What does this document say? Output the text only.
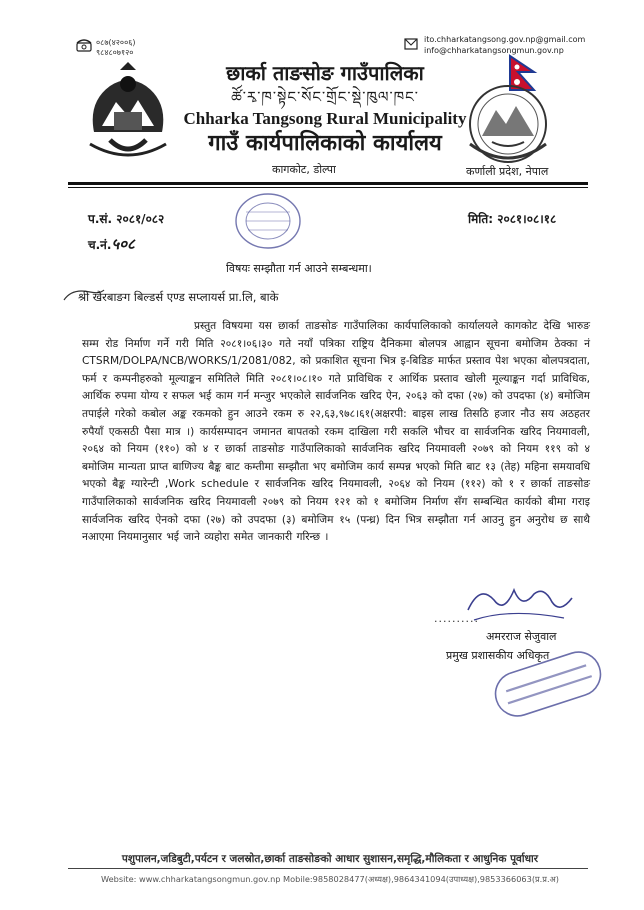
०८७(४२००६)
९८४८०७१२०
ito.chharkatangsong.gov.np@gmail.com
info@chharkatangsongmun.gov.np
छार्का ताङसोङ गाउँपालिका
ཚོ་རྭ་ཁ་སྟེང་སོང་གྲོང་སྡེ་ཁུལ་ཁང་
Chharka Tangsong Rural Municipality
गाउँ कार्यपालिकाको कार्यालय
कागकोट, डोल्पा	कर्णाली प्रदेश, नेपाल
प.सं. २०८१/०८२
च.नं.५०८
मिति: २०८१।०८।१८
विषयः सम्झौता गर्न आउने सम्बन्धमा।
श्री खैरबाङग बिल्डर्स एण्ड सप्लायर्स प्रा.लि, बाके
प्रस्तुत विषयमा यस छार्का ताङसोङ गाउँपालिका कार्यपालिकाको कार्यालयले कागकोट देखि भारुङ सम्म रोड निर्माण गर्ने गरी मिति २०८१।०६।३० गते नयाँ पत्रिका राष्ट्रिय दैनिकमा बोलपत्र आह्वान सूचना बमोजिम ठेक्का नं CTSRM/DOLPA/NCB/WORKS/1/2081/082, को प्रकाशित सूचना भित्र इ-बिडिङ मार्फत प्रस्ताव पेश भएका बोलपत्रदाता, फर्म र कम्पनीहरुको मूल्याङ्कन समितिले मिति २०८१।०८।१० गते प्राविधिक र आर्थिक प्रस्ताव खोली मूल्याङ्कन गर्दा प्राविधिक, आर्थिक रुपमा योग्य र सफल भई काम गर्न मन्जुर भएकोले सार्वजनिक खरिद ऐन, २०६३ को दफा (२७) को उपदफा (४) बमोजिम तपाईले गरेको कबोल अङ्क रकमको हुन आउने रकम रु २२,६३,९७८।६१(अक्षरपी: बाइस लाख तिसठि हजार नौउ सय अठहतर रुपैयाँ एकसठी पैसा मात्र ।) कार्यसम्पादन जमानत बापतको रकम दाखिला गरी सकलि भौचर वा सार्वजनिक खरिद नियमावली, २०६४ को नियम (११०) को ४ र छार्का ताङसोङ गाउँपालिकाको सार्वजनिक खरिद नियमावली २०७९ को नियम ११९ को ४ बमोजिम मान्यता प्राप्त बाणिज्य बैङ्क बाट कम्तीमा सम्झौता भए बमोजिम कार्य सम्पन्न भएको मिति बाट १३ (तेह) महिना समयावधि भएको बैङ्क ग्यारेन्टी ,Work schedule र सार्वजनिक खरिद नियमावली, २०६४ को नियम (११२) को १ र छार्का ताङसोङ गाउँपालिकाको सार्वजनिक खरिद नियमावली २०७९ को नियम १२१ को १ बमोजिम निर्माण सँग सम्बन्धित कार्यको बीमा गराइ सार्वजनिक खरिद ऐनको दफा (२७) को उपदफा (३) बमोजिम १५ (पन्ध्र) दिन भित्र सम्झौता गर्न आउनु हुन अनुरोध छ साथै नआएमा नियमानुसार भई जाने व्यहोरा समेत जानकारी गरिन्छ ।
..........
अमरराज सेजुवाल
प्रमुख प्रशासकीय अधिकृत
पशुपालन,जडिबुटी,पर्यटन र जलस्रोत,छार्का ताङसोङको आधार सुशासन,समृद्धि,मौलिकता र आधुनिक पूर्वाधार
Website: www.chharkatangsongmun.gov.np Mobile:9858028477(अध्यक्ष),9864341094(उपाध्यक्ष),9853366063(प्र.प्र.अ)
